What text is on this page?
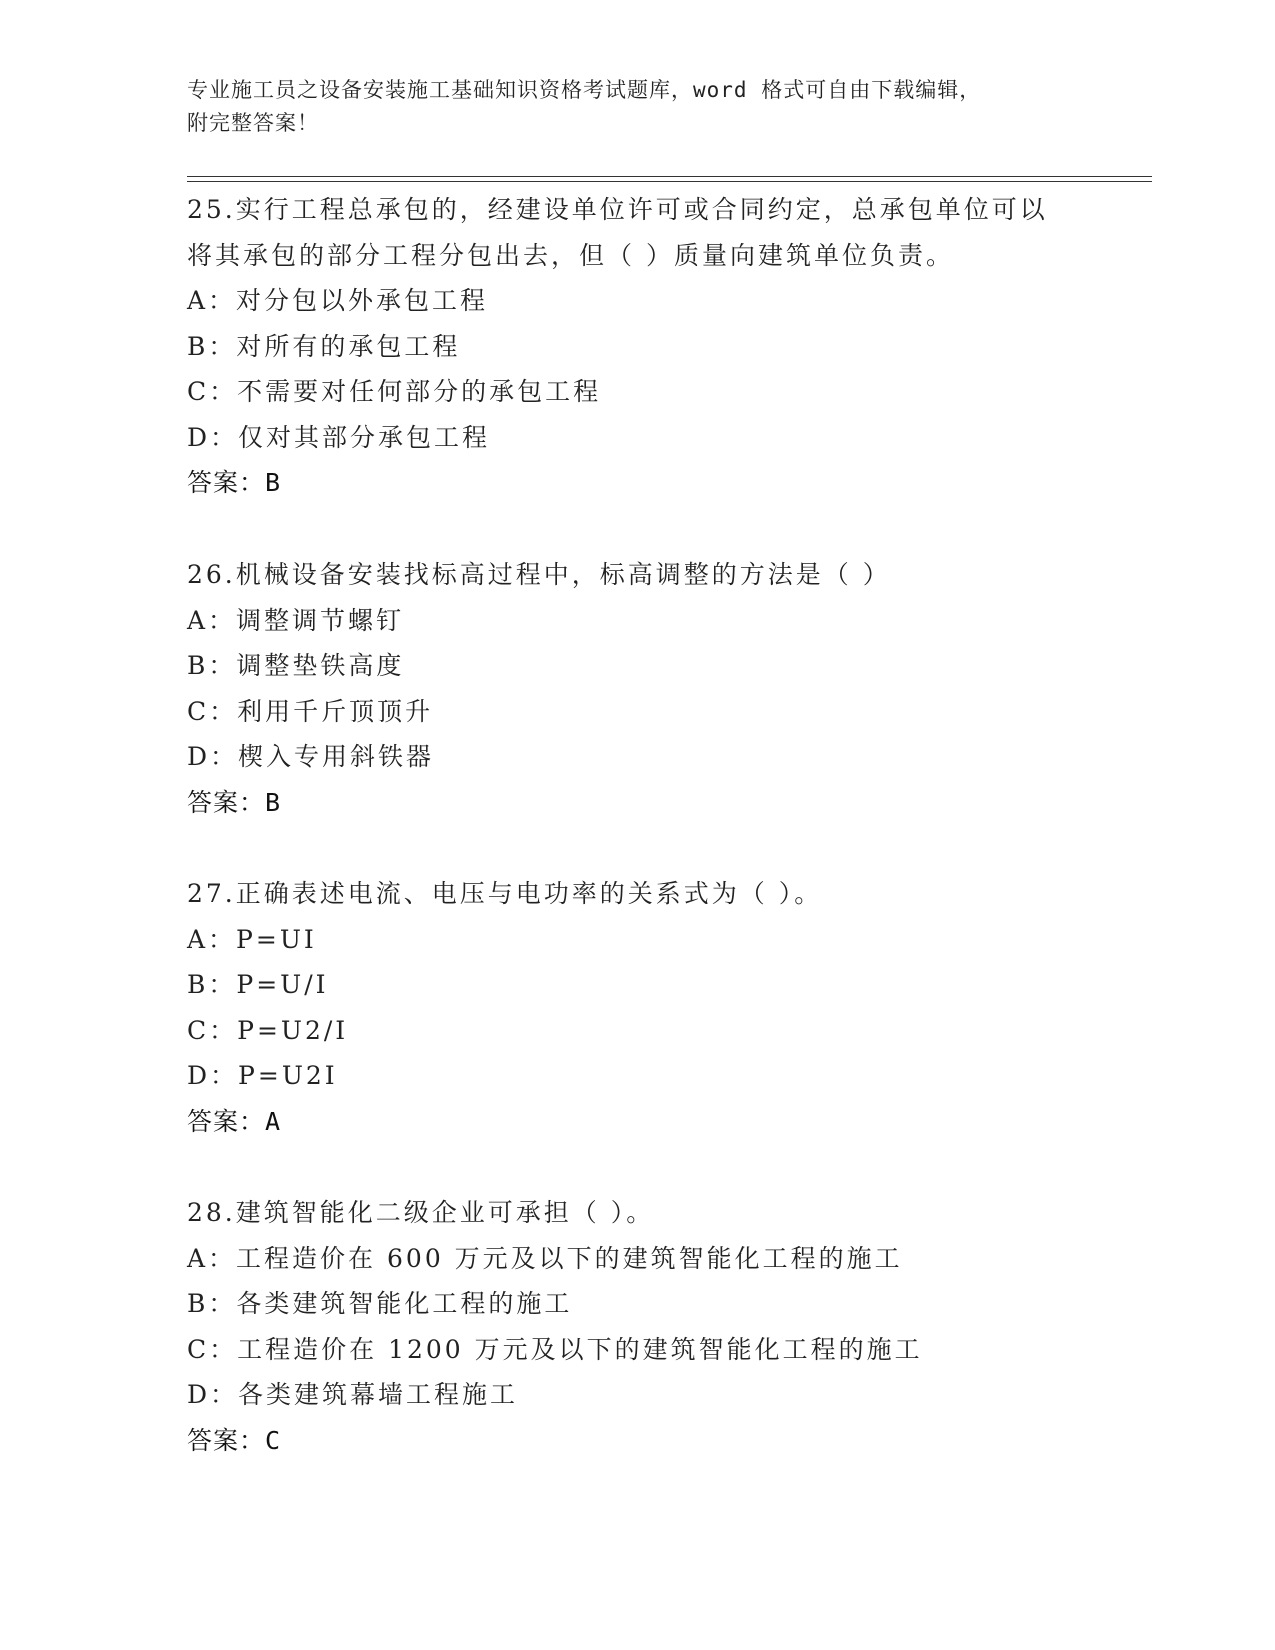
专业施工员之设备安装施工基础知识资格考试题库，word 格式可自由下载编辑，
附完整答案！
25.实行工程总承包的，经建设单位许可或合同约定，总承包单位可以
将其承包的部分工程分包出去，但（ ）质量向建筑单位负责。
A：对分包以外承包工程
B：对所有的承包工程
C：不需要对任何部分的承包工程
D：仅对其部分承包工程
答案：B
26.机械设备安装找标高过程中，标高调整的方法是（ ）
A：调整调节螺钉
B：调整垫铁高度
C：利用千斤顶顶升
D：楔入专用斜铁器
答案：B
27.正确表述电流、电压与电功率的关系式为（ ）。
A：P=UI
B：P=U/I
C：P=U2/I
D：P=U2I
答案：A
28.建筑智能化二级企业可承担（ ）。
A：工程造价在 600 万元及以下的建筑智能化工程的施工
B：各类建筑智能化工程的施工
C：工程造价在 1200 万元及以下的建筑智能化工程的施工
D：各类建筑幕墙工程施工
答案：C
